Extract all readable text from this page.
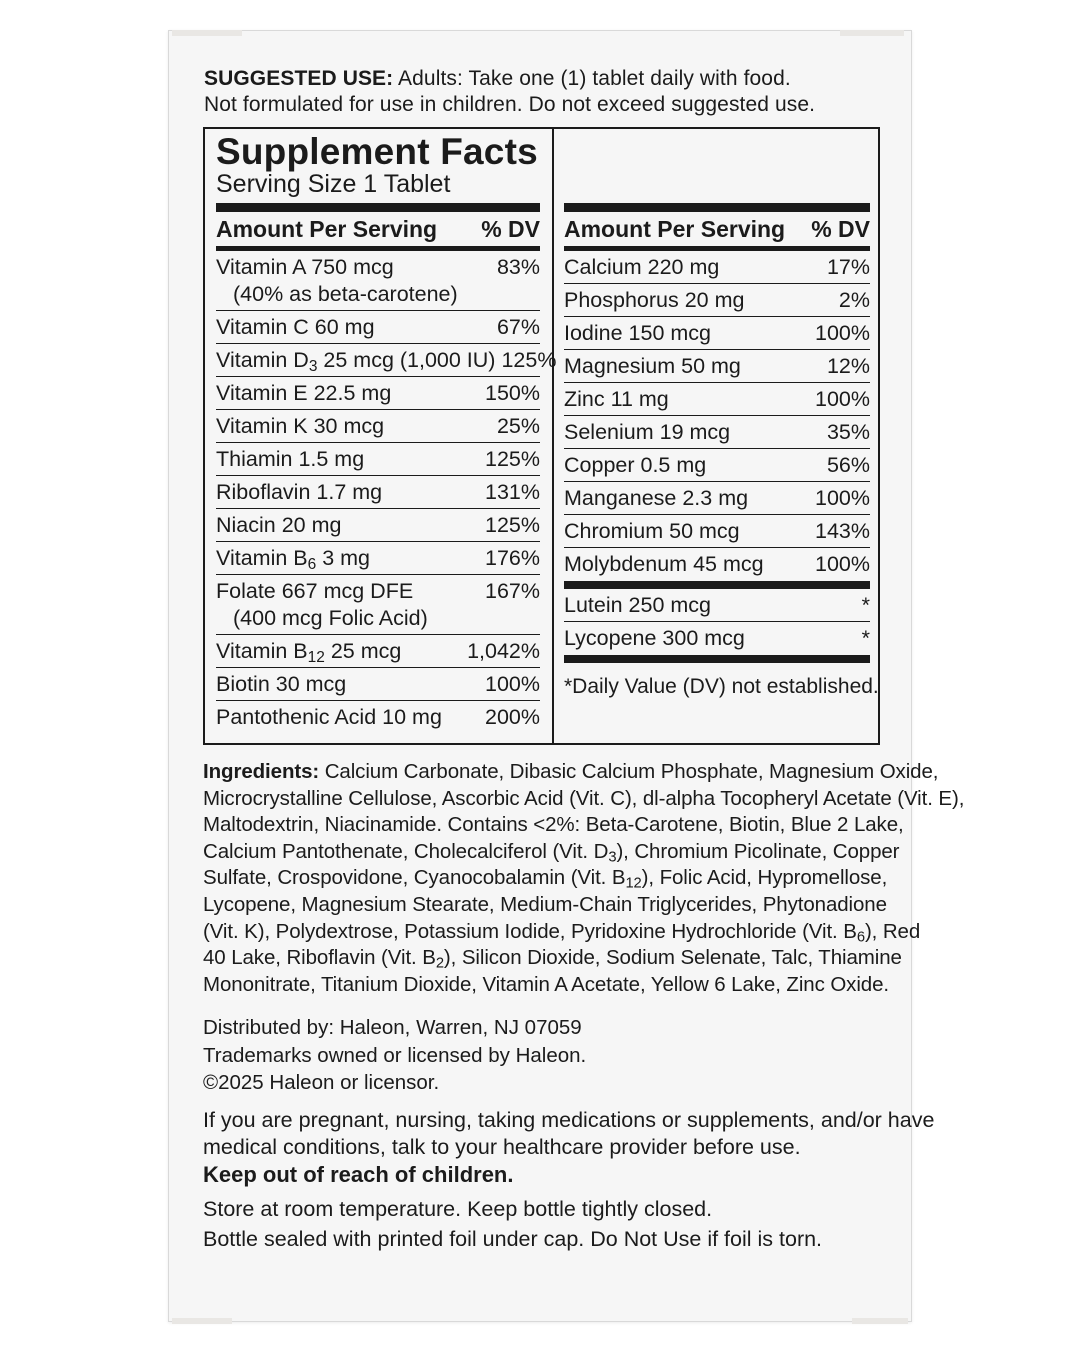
SUGGESTED USE: Adults: Take one (1) tablet daily with food.
Not formulated for use in children. Do not exceed suggested use.
Supplement Facts
Serving Size 1 Tablet
Amount Per Serving % DV
Vitamin A 750 mcg
(40% as beta-carotene)
83%
Vitamin C 60 mg	67%
Vitamin $D_3$ 25 mcg (1,000 IU) 125%
Vitamin E 22.5 mg	150%
Vitamin K 30 mcg	25%
Thiamin 1.5 mg	125%
Riboflavin 1.7 mg	131%
Niacin 20 mg	125%
Vitamin $B_6$ 3 mg	176%
Folate 667 mcg DFE
(400 mcg Folic Acid)
167%
Vitamin $B_{12}$ 25 mcg	1,042%
Biotin 30 mcg	100%
Pantothenic Acid 10 mg	200%
Amount Per Serving % DV
Calcium 220 mg	17%
Phosphorus 20 mg	2%
Iodine 150 mcg	100%
Magnesium 50 mg	12%
Zinc 11 mg	100%
Selenium 19 mcg	35%
Copper 0.5 mg	56%
Manganese 2.3 mg	100%
Chromium 50 mcg	143%
Molybdenum 45 mcg	100%
Lutein 250 mcg	*
Lycopene 300 mcg	*
*Daily Value (DV) not established.
Ingredients: Calcium Carbonate, Dibasic Calcium Phosphate, Magnesium Oxide,
Microcrystalline Cellulose, Ascorbic Acid (Vit. C), dl-alpha Tocopheryl Acetate (Vit. E),
Maltodextrin, Niacinamide. Contains <2%: Beta-Carotene, Biotin, Blue 2 Lake,
Calcium Pantothenate, Cholecalciferol (Vit. $D_3$), Chromium Picolinate, Copper
Sulfate, Crospovidone, Cyanocobalamin (Vit. $B_{12}$), Folic Acid, Hypromellose,
Lycopene, Magnesium Stearate, Medium-Chain Triglycerides, Phytonadione
(Vit. K), Polydextrose, Potassium Iodide, Pyridoxine Hydrochloride (Vit. $B_6$), Red
40 Lake, Riboflavin (Vit. $B_2$), Silicon Dioxide, Sodium Selenate, Talc, Thiamine
Mononitrate, Titanium Dioxide, Vitamin A Acetate, Yellow 6 Lake, Zinc Oxide.
Distributed by: Haleon, Warren, NJ 07059
Trademarks owned or licensed by Haleon.
©2025 Haleon or licensor.
If you are pregnant, nursing, taking medications or supplements, and/or have
medical conditions, talk to your healthcare provider before use.
Keep out of reach of children.
Store at room temperature. Keep bottle tightly closed.
Bottle sealed with printed foil under cap. Do Not Use if foil is torn.
